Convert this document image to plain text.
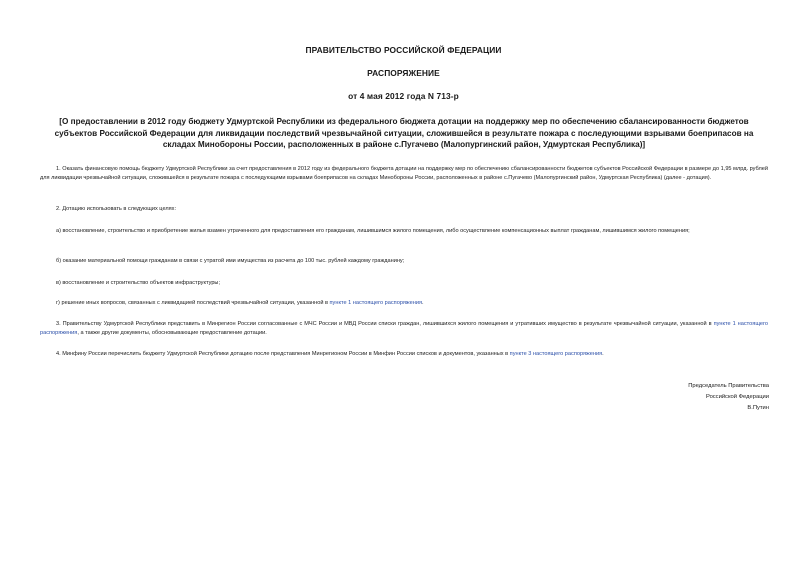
ПРАВИТЕЛЬСТВО РОССИЙСКОЙ ФЕДЕРАЦИИ
РАСПОРЯЖЕНИЕ
от 4 мая 2012 года N 713-р
[О предоставлении в 2012 году бюджету Удмуртской Республики из федерального бюджета дотации на поддержку мер по обеспечению сбалансированности бюджетов субъектов Российской Федерации для ликвидации последствий чрезвычайной ситуации, сложившейся в результате пожара с последующими взрывами боеприпасов на складах Минобороны России, расположенных в районе с.Пугачево (Малопургинский район, Удмуртская Республика)]

1. Оказать финансовую помощь бюджету Удмуртской Республики за счет предоставления в 2012 году из федерального бюджета дотации на поддержку мер по обеспечению сбалансированности бюджетов субъектов Российской Федерации в размере до 1,95 млрд. рублей для ликвидации чрезвычайной ситуации, сложившейся в результате пожара с последующими взрывами боеприпасов на складах Минобороны России, расположенных в районе с.Пугачево (Малопургинский район, Удмуртская Республика) (далее - дотация).

2. Дотацию использовать в следующих целях:

а) восстановление, строительство и приобретение жилья взамен утраченного для предоставления его гражданам, лишившимся жилого помещения, либо осуществление компенсационных выплат гражданам, лишившимся жилого помещения;

б) оказание материальной помощи гражданам в связи с утратой ими имущества из расчета до 100 тыс. рублей каждому гражданину;

в) восстановление и строительство объектов инфраструктуры;

г) решение иных вопросов, связанных с ликвидацией последствий чрезвычайной ситуации, указанной в пункте 1 настоящего распоряжения.

3. Правительству Удмуртской Республики представить в Минрегион России согласованные с МЧС России и МВД России списки граждан, лишившихся жилого помещения и утративших имущество в результате чрезвычайной ситуации, указанной в пункте 1 настоящего распоряжения, а также другие документы, обосновывающие предоставление дотации.

4. Минфину России перечислить бюджету Удмуртской Республики дотацию после представления Минрегионом России в Минфин России списков и документов, указанных в пункте 3 настоящего распоряжения.

Председатель Правительства
Российской Федерации
В.Путин
